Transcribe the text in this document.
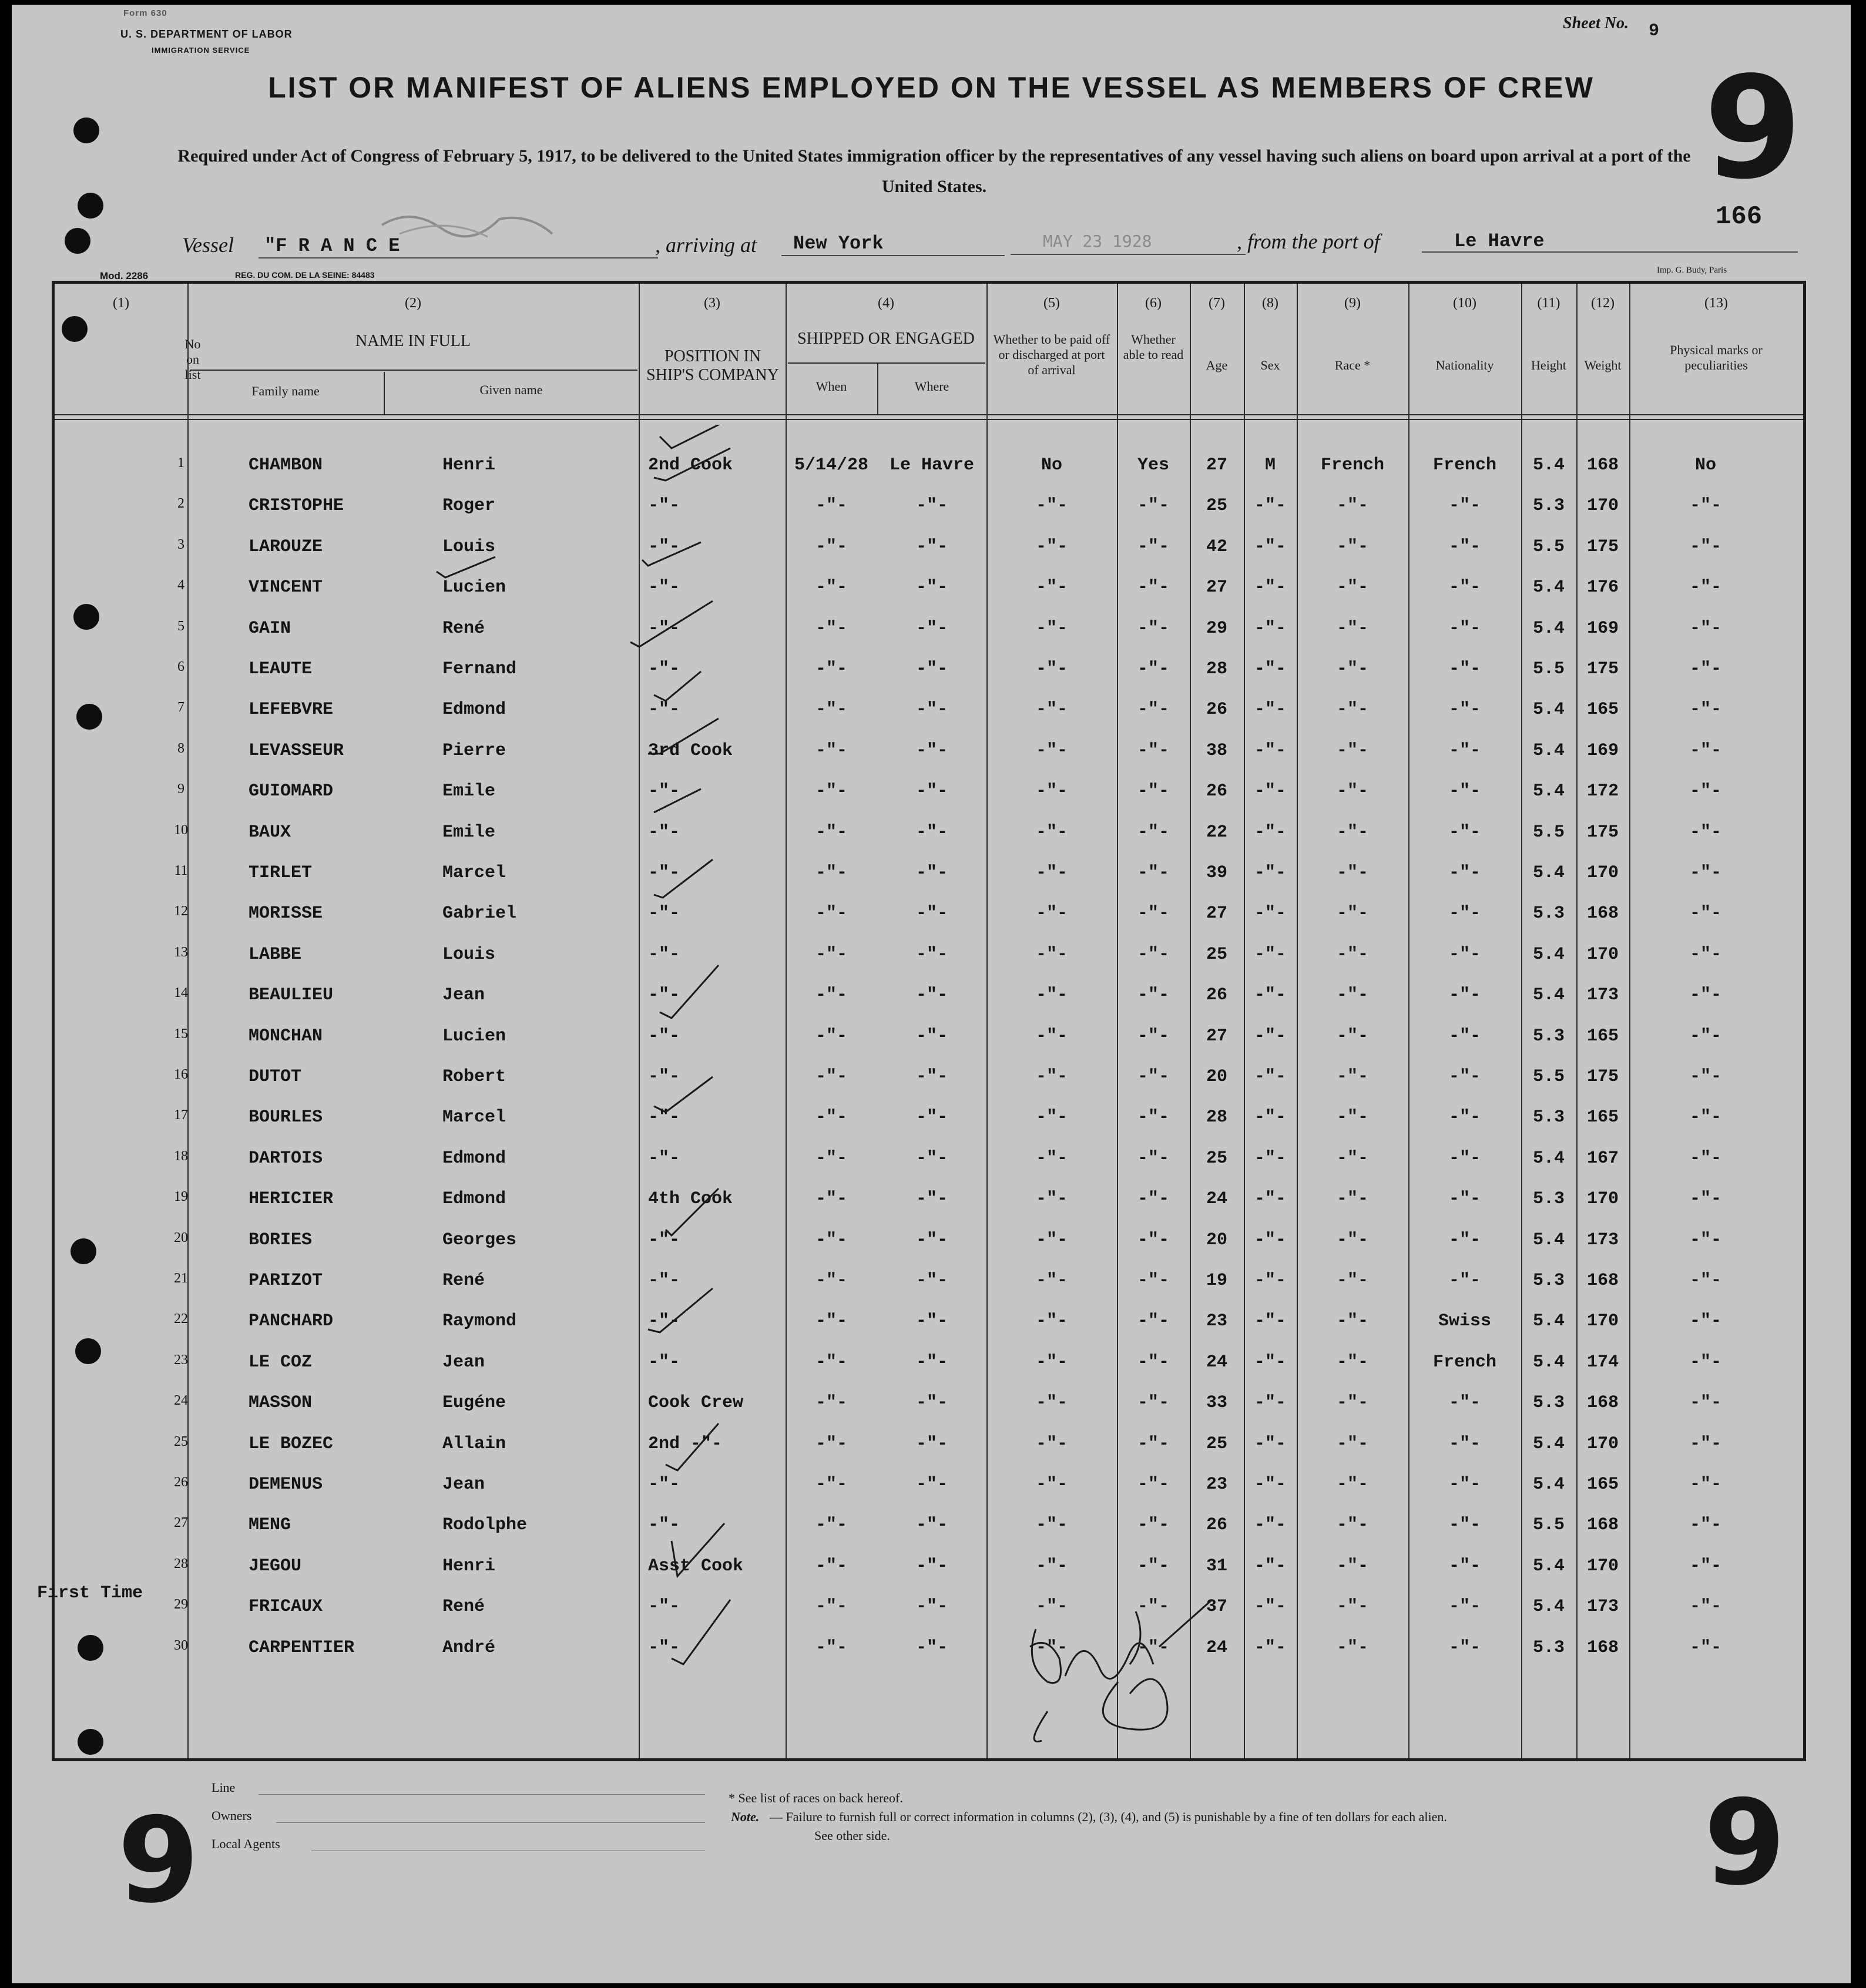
Form 630
U. S. DEPARTMENT OF LABOR
IMMIGRATION SERVICE
Sheet No. 9
9
166
LIST OR MANIFEST OF ALIENS EMPLOYED ON THE VESSEL AS MEMBERS OF CREW
Required under Act of Congress of February 5, 1917, to be delivered to the United States immigration officer by the representatives of any vessel having such aliens on board upon arrival at a port of the United States.
Vessel "F R A N C E	, arriving at New York	MAY 23 1928	, from the port of	Le Havre
Mod. 2286	REG. DU COM. DE LA SEINE: 84483	Imp. G. Budy, Paris
(1)
No on list
(2)
NAME IN FULL
Family name	Given name
(3)
POSITION IN SHIP'S COMPANY
(4)
SHIPPED OR ENGAGED
When	Where
(5)
Whether to be paid off or discharged at port of arrival
(6)
Whether able to read
(7)
Age
(8)
Sex
(9)
Race *
(10)
Nationality
(11)
Height
(12)
Weight
(13)
Physical marks or peculiarities
1	CHAMBON	Henri	2nd Cook	5/14/28	Le Havre	No	Yes	27	M	French	French	5.4	168	No
2	CRISTOPHE	Roger	-"-	-"-	-"-	-"-	-"-	25	-"-	-"-	-"-	5.3	170	-"-
3	LAROUZE	Louis	-"-	-"-	-"-	-"-	-"-	42	-"-	-"-	-"-	5.5	175	-"-
4	VINCENT	Lucien	-"-	-"-	-"-	-"-	-"-	27	-"-	-"-	-"-	5.4	176	-"-
5	GAIN	René	-"-	-"-	-"-	-"-	-"-	29	-"-	-"-	-"-	5.4	169	-"-
6	LEAUTE	Fernand	-"-	-"-	-"-	-"-	-"-	28	-"-	-"-	-"-	5.5	175	-"-
7	LEFEBVRE	Edmond	-"-	-"-	-"-	-"-	-"-	26	-"-	-"-	-"-	5.4	165	-"-
8	LEVASSEUR	Pierre	3rd Cook	-"-	-"-	-"-	-"-	38	-"-	-"-	-"-	5.4	169	-"-
9	GUIOMARD	Emile	-"-	-"-	-"-	-"-	-"-	26	-"-	-"-	-"-	5.4	172	-"-
10	BAUX	Emile	-"-	-"-	-"-	-"-	-"-	22	-"-	-"-	-"-	5.5	175	-"-
11	TIRLET	Marcel	-"-	-"-	-"-	-"-	-"-	39	-"-	-"-	-"-	5.4	170	-"-
12	MORISSE	Gabriel	-"-	-"-	-"-	-"-	-"-	27	-"-	-"-	-"-	5.3	168	-"-
13	LABBE	Louis	-"-	-"-	-"-	-"-	-"-	25	-"-	-"-	-"-	5.4	170	-"-
14	BEAULIEU	Jean	-"-	-"-	-"-	-"-	-"-	26	-"-	-"-	-"-	5.4	173	-"-
15	MONCHAN	Lucien	-"-	-"-	-"-	-"-	-"-	27	-"-	-"-	-"-	5.3	165	-"-
16	DUTOT	Robert	-"-	-"-	-"-	-"-	-"-	20	-"-	-"-	-"-	5.5	175	-"-
17	BOURLES	Marcel	-"-	-"-	-"-	-"-	-"-	28	-"-	-"-	-"-	5.3	165	-"-
18	DARTOIS	Edmond	-"-	-"-	-"-	-"-	-"-	25	-"-	-"-	-"-	5.4	167	-"-
19	HERICIER	Edmond	4th Cook	-"-	-"-	-"-	-"-	24	-"-	-"-	-"-	5.3	170	-"-
20	BORIES	Georges	-"-	-"-	-"-	-"-	-"-	20	-"-	-"-	-"-	5.4	173	-"-
21	PARIZOT	René	-"-	-"-	-"-	-"-	-"-	19	-"-	-"-	-"-	5.3	168	-"-
22	PANCHARD	Raymond	-"-	-"-	-"-	-"-	-"-	23	-"-	-"-	Swiss	5.4	170	-"-
23	LE COZ	Jean	-"-	-"-	-"-	-"-	-"-	24	-"-	-"-	French	5.4	174	-"-
24	MASSON	Eugéne	Cook Crew	-"-	-"-	-"-	-"-	33	-"-	-"-	-"-	5.3	168	-"-
25	LE BOZEC	Allain	2nd -"-	-"-	-"-	-"-	-"-	25	-"-	-"-	-"-	5.4	170	-"-
26	DEMENUS	Jean	-"-	-"-	-"-	-"-	-"-	23	-"-	-"-	-"-	5.4	165	-"-
27	MENG	Rodolphe	-"-	-"-	-"-	-"-	-"-	26	-"-	-"-	-"-	5.5	168	-"-
28	JEGOU	Henri	Asst Cook	-"-	-"-	-"-	-"-	31	-"-	-"-	-"-	5.4	170	-"-
29	FRICAUX	René	-"-	-"-	-"-	-"-	-"-	37	-"-	-"-	-"-	5.4	173	-"-
30	CARPENTIER	André	-"-	-"-	-"-	-"-	-"-	24	-"-	-"-	-"-	5.3	168	-"-
First Time
Line
Owners
Local Agents
* See list of races on back hereof.
Note. — Failure to furnish full or correct information in columns (2), (3), (4), and (5) is punishable by a fine of ten dollars for each alien.
See other side.
9	9
